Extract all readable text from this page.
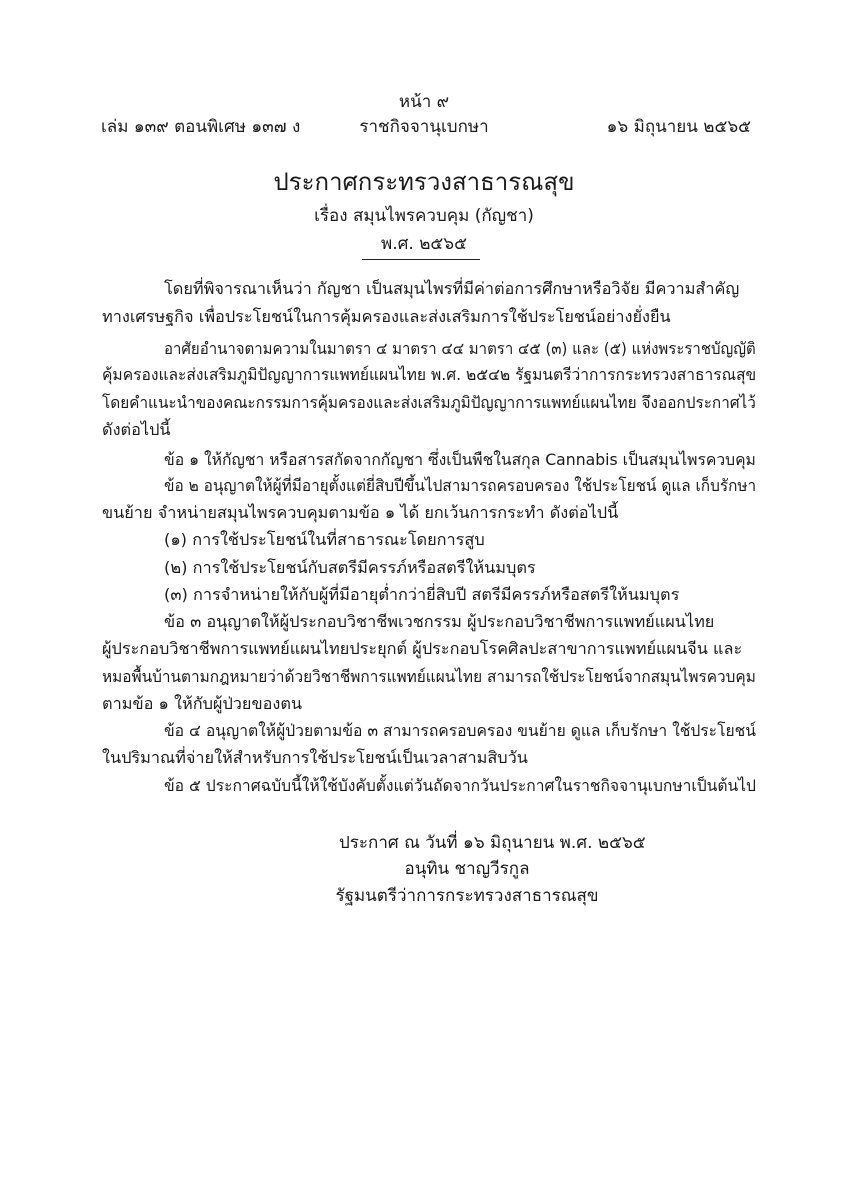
หน้า ๙
เล่ม ๑๓๙ ตอนพิเศษ ๑๓๗ ง	ราชกิจจานุเบกษา	๑๖ มิถุนายน ๒๕๖๕
ประกาศกระทรวงสาธารณสุข
เรื่อง สมุนไพรควบคุม (กัญชา)
พ.ศ. ๒๕๖๕
โดยที่พิจารณาเห็นว่า กัญชา เป็นสมุนไพรที่มีค่าต่อการศึกษาหรือวิจัย มีความสำคัญ
ทางเศรษฐกิจ เพื่อประโยชน์ในการคุ้มครองและส่งเสริมการใช้ประโยชน์อย่างยั่งยืน
อาศัยอำนาจตามความในมาตรา ๔ มาตรา ๔๔ มาตรา ๔๕ (๓) และ (๕) แห่งพระราชบัญญัติ
คุ้มครองและส่งเสริมภูมิปัญญาการแพทย์แผนไทย พ.ศ. ๒๕๔๒ รัฐมนตรีว่าการกระทรวงสาธารณสุข
โดยคำแนะนำของคณะกรรมการคุ้มครองและส่งเสริมภูมิปัญญาการแพทย์แผนไทย จึงออกประกาศไว้
ดังต่อไปนี้
ข้อ ๑ ให้กัญชา หรือสารสกัดจากกัญชา ซึ่งเป็นพืชในสกุล Cannabis เป็นสมุนไพรควบคุม
ข้อ ๒ อนุญาตให้ผู้ที่มีอายุตั้งแต่ยี่สิบปีขึ้นไปสามารถครอบครอง ใช้ประโยชน์ ดูแล เก็บรักษา
ขนย้าย จำหน่ายสมุนไพรควบคุมตามข้อ ๑ ได้ ยกเว้นการกระทำ ดังต่อไปนี้
(๑) การใช้ประโยชน์ในที่สาธารณะโดยการสูบ
(๒) การใช้ประโยชน์กับสตรีมีครรภ์หรือสตรีให้นมบุตร
(๓) การจำหน่ายให้กับผู้ที่มีอายุต่ำกว่ายี่สิบปี สตรีมีครรภ์หรือสตรีให้นมบุตร
ข้อ ๓ อนุญาตให้ผู้ประกอบวิชาชีพเวชกรรม ผู้ประกอบวิชาชีพการแพทย์แผนไทย
ผู้ประกอบวิชาชีพการแพทย์แผนไทยประยุกต์ ผู้ประกอบโรคศิลปะสาขาการแพทย์แผนจีน และ
หมอพื้นบ้านตามกฎหมายว่าด้วยวิชาชีพการแพทย์แผนไทย สามารถใช้ประโยชน์จากสมุนไพรควบคุม
ตามข้อ ๑ ให้กับผู้ป่วยของตน
ข้อ ๔ อนุญาตให้ผู้ป่วยตามข้อ ๓ สามารถครอบครอง ขนย้าย ดูแล เก็บรักษา ใช้ประโยชน์
ในปริมาณที่จ่ายให้สำหรับการใช้ประโยชน์เป็นเวลาสามสิบวัน
ข้อ ๕ ประกาศฉบับนี้ให้ใช้บังคับตั้งแต่วันถัดจากวันประกาศในราชกิจจานุเบกษาเป็นต้นไป
ประกาศ ณ วันที่ ๑๖ มิถุนายน พ.ศ. ๒๕๖๕
อนุทิน ชาญวีรกูล
รัฐมนตรีว่าการกระทรวงสาธารณสุข
